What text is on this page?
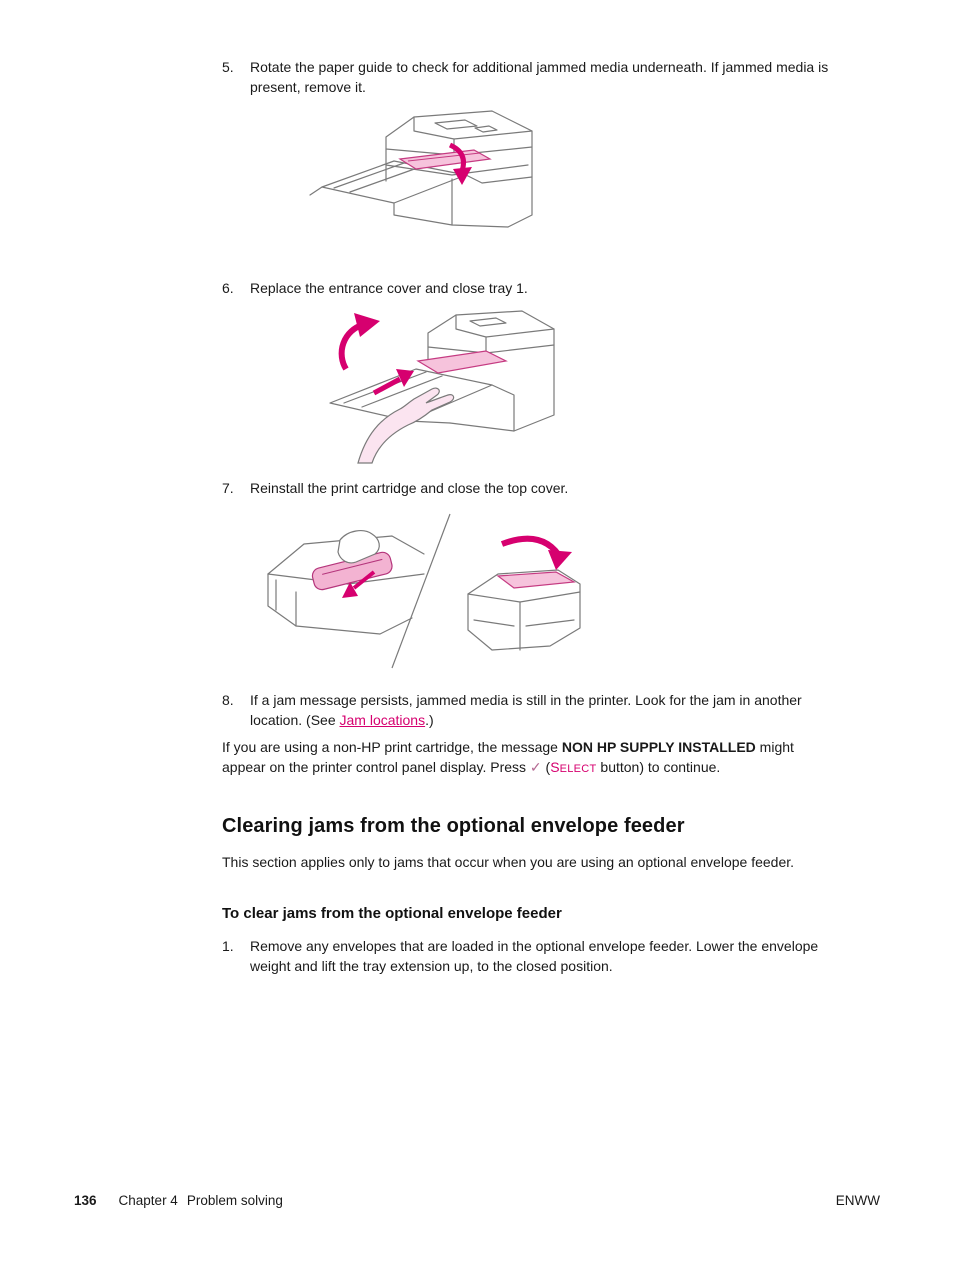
5.	Rotate the paper guide to check for additional jammed media underneath. If jammed media is present, remove it.
6.	Replace the entrance cover and close tray 1.
7.	Reinstall the print cartridge and close the top cover.
8.	If a jam message persists, jammed media is still in the printer. Look for the jam in another location. (See Jam locations.)

If you are using a non-HP print cartridge, the message NON HP SUPPLY INSTALLED might appear on the printer control panel display. Press ✓ (SELECT button) to continue.

Clearing jams from the optional envelope feeder

This section applies only to jams that occur when you are using an optional envelope feeder.

To clear jams from the optional envelope feeder
1.	Remove any envelopes that are loaded in the optional envelope feeder. Lower the envelope weight and lift the tray extension up, to the closed position.
136 Chapter 4 Problem solving	ENWW
